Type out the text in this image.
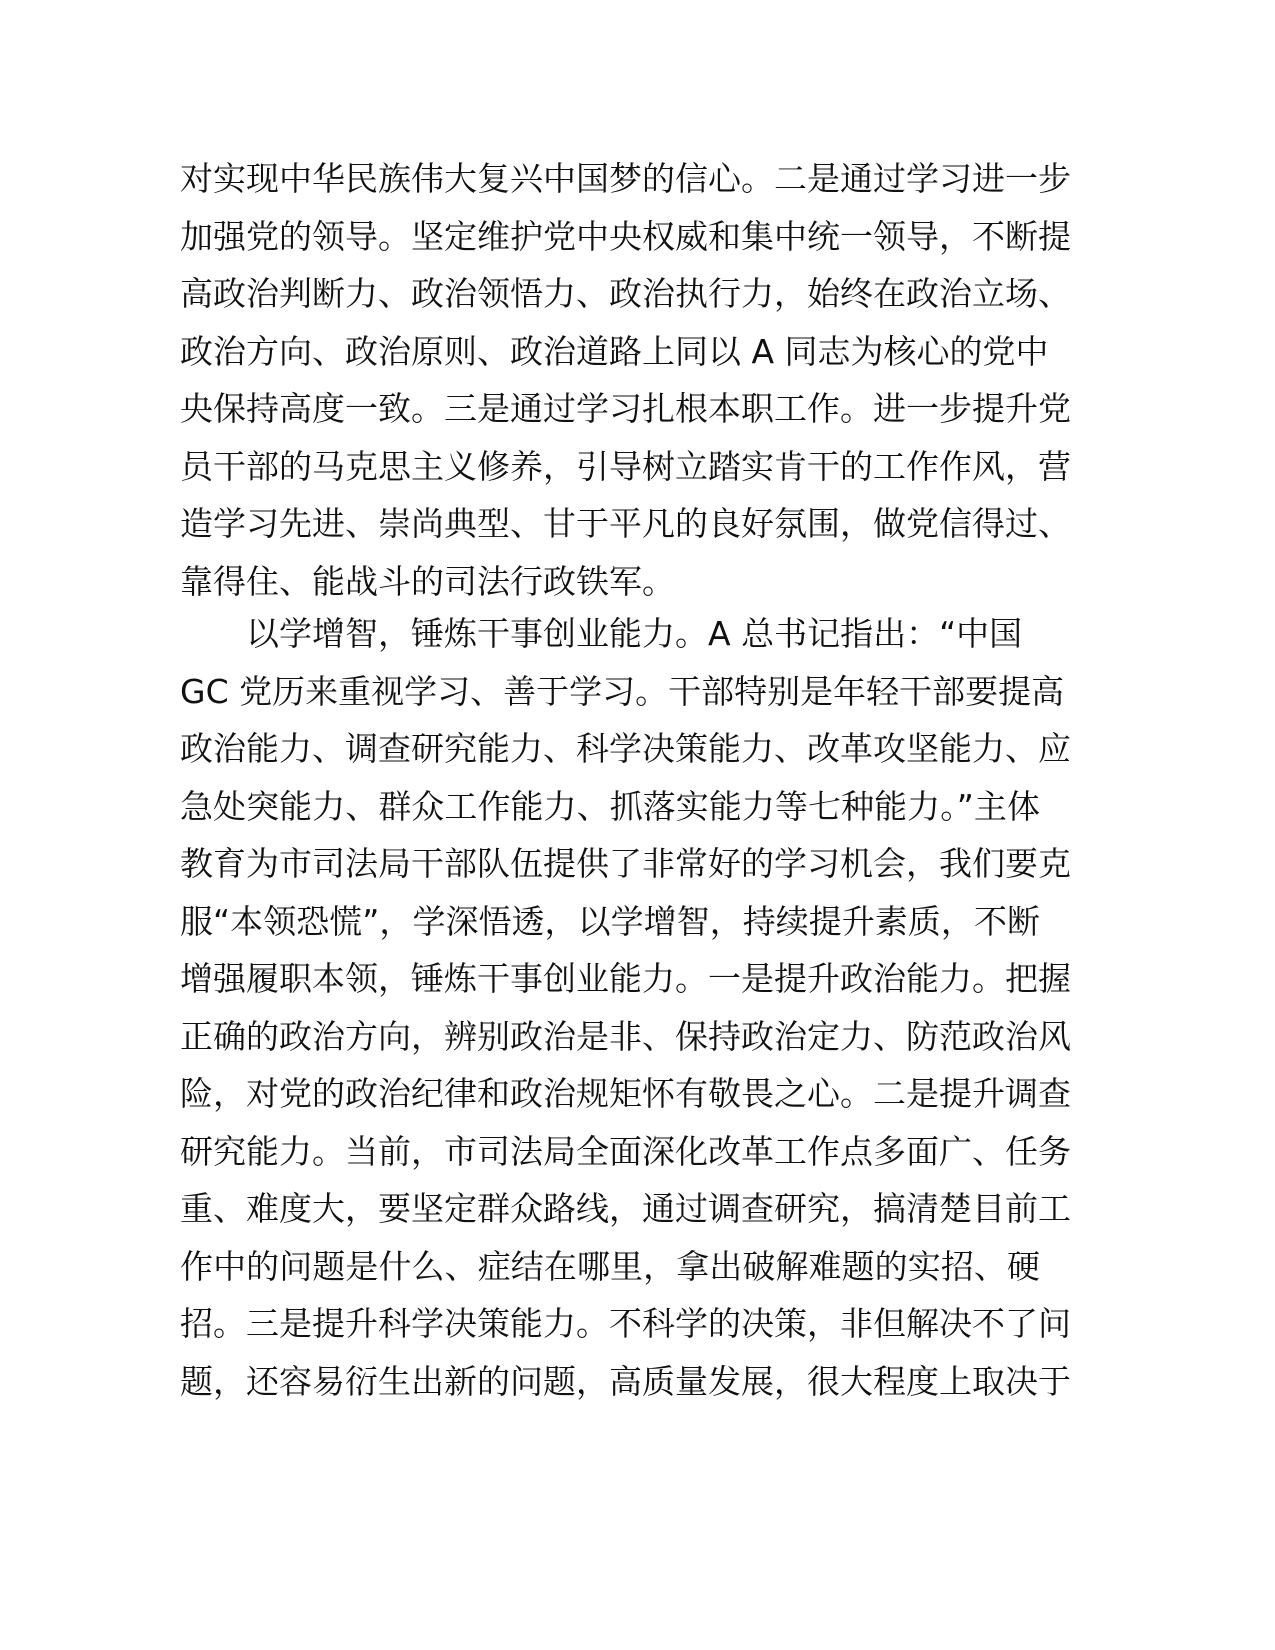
对实现中华民族伟大复兴中国梦的信心。二是通过学习进一步
加强党的领导。坚定维护党中央权威和集中统一领导，不断提
高政治判断力、政治领悟力、政治执行力，始终在政治立场、
政治方向、政治原则、政治道路上同以 A 同志为核心的党中
央保持高度一致。三是通过学习扎根本职工作。进一步提升党
员干部的马克思主义修养，引导树立踏实肯干的工作作风，营
造学习先进、崇尚典型、甘于平凡的良好氛围，做党信得过、
靠得住、能战斗的司法行政铁军。
以学增智，锤炼干事创业能力。A 总书记指出：“中国
GC 党历来重视学习、善于学习。干部特别是年轻干部要提高
政治能力、调查研究能力、科学决策能力、改革攻坚能力、应
急处突能力、群众工作能力、抓落实能力等七种能力。”主体
教育为市司法局干部队伍提供了非常好的学习机会，我们要克
服“本领恐慌”，学深悟透，以学增智，持续提升素质，不断
增强履职本领，锤炼干事创业能力。一是提升政治能力。把握
正确的政治方向，辨别政治是非、保持政治定力、防范政治风
险，对党的政治纪律和政治规矩怀有敬畏之心。二是提升调查
研究能力。当前，市司法局全面深化改革工作点多面广、任务
重、难度大，要坚定群众路线，通过调查研究，搞清楚目前工
作中的问题是什么、症结在哪里，拿出破解难题的实招、硬
招。三是提升科学决策能力。不科学的决策，非但解决不了问
题，还容易衍生出新的问题，高质量发展，很大程度上取决于
